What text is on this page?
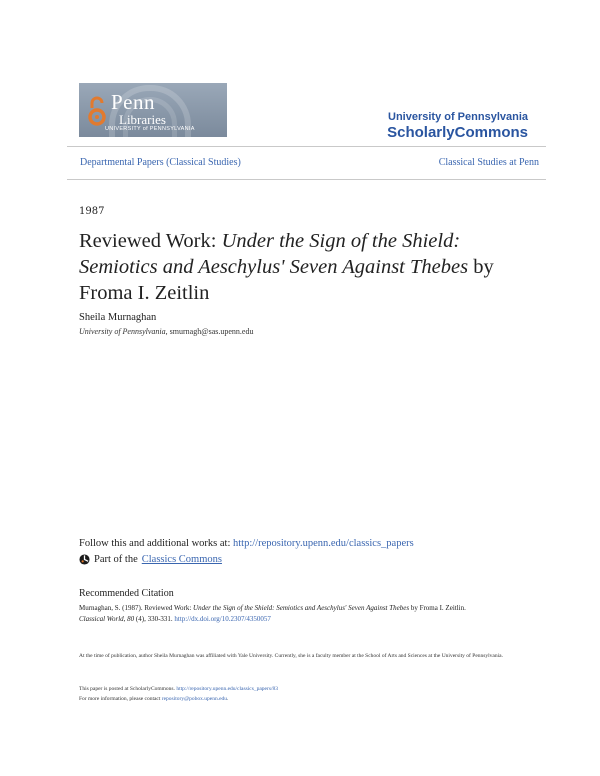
Penn
Libraries
UNIVERSITY of PENNSYLVANIA
University of Pennsylvania
ScholarlyCommons
Departmental Papers (Classical Studies)	Classical Studies at Penn
1987
Reviewed Work: Under the Sign of the Shield: Semiotics and Aeschylus' Seven Against Thebes by Froma I. Zeitlin
Sheila Murnaghan
University of Pennsylvania, smurnagh@sas.upenn.edu
Follow this and additional works at: http://repository.upenn.edu/classics_papers
Part of the Classics Commons
Recommended Citation
Murnaghan, S. (1987). Reviewed Work: Under the Sign of the Shield: Semiotics and Aeschylus' Seven Against Thebes by Froma I. Zeitlin.
Classical World, 80 (4), 330-331. http://dx.doi.org/10.2307/4350057
At the time of publication, author Sheila Murnaghan was affiliated with Yale University. Currently, she is a faculty member at the School of Arts and Sciences at the University of Pennsylvania.
This paper is posted at ScholarlyCommons. http://repository.upenn.edu/classics_papers/83
For more information, please contact repository@pobox.upenn.edu.
